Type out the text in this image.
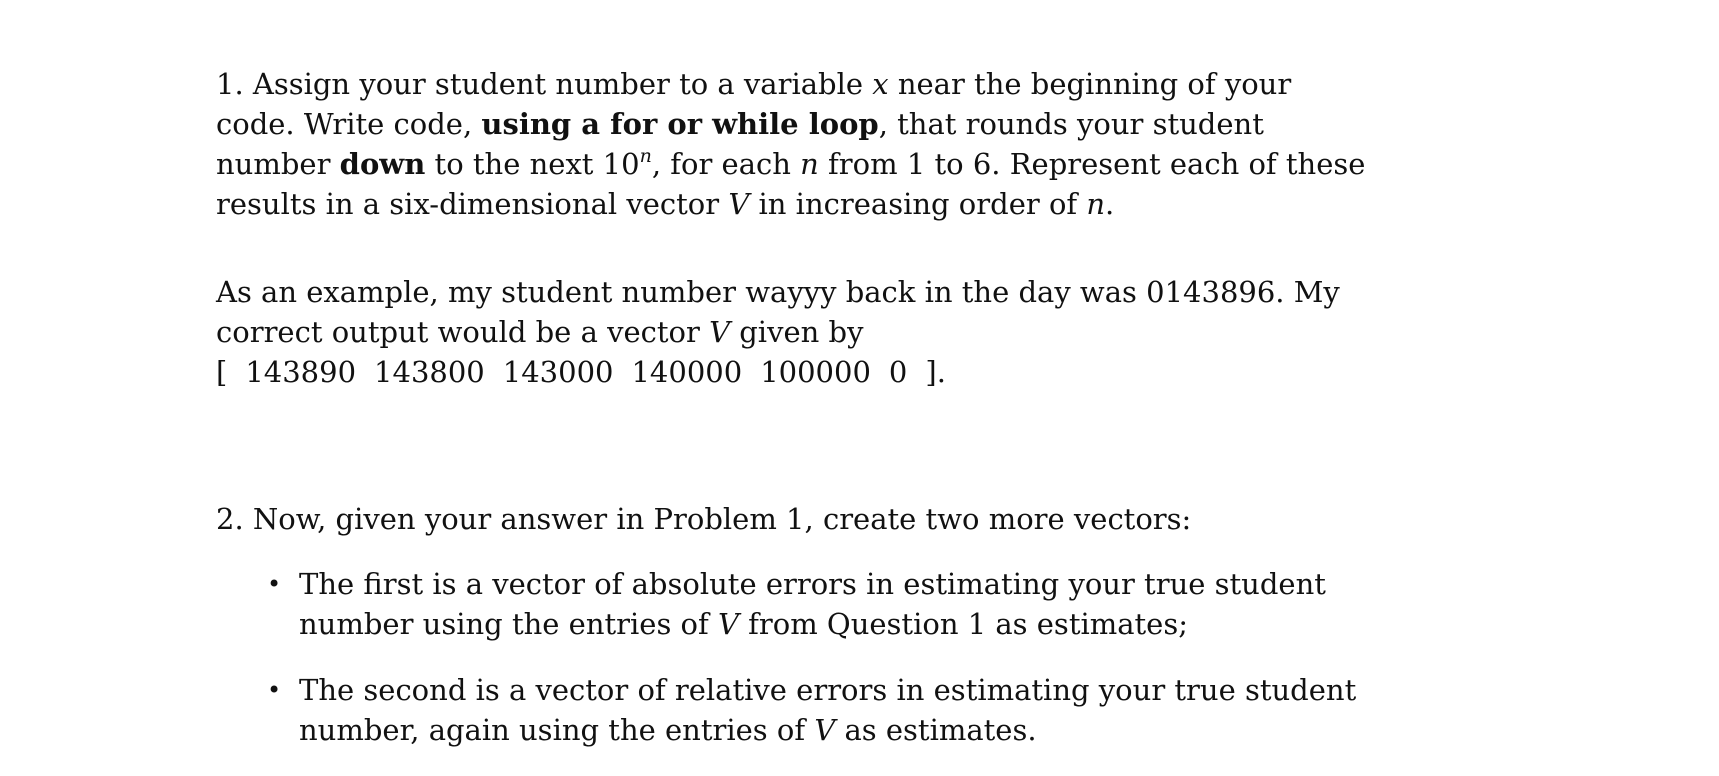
1. Assign your student number to a variable x near the beginning of your
code. Write code, using a for or while loop, that rounds your student
number down to the next 10$^n$, for each n from 1 to 6. Represent each of these
results in a six-dimensional vector V in increasing order of n.
As an example, my student number wayyy back in the day was 0143896. My
correct output would be a vector V given by
[ 143890 143800 143000 140000 100000 0 ].
2. Now, given your answer in Problem 1, create two more vectors:
• The first is a vector of absolute errors in estimating your true student
number using the entries of V from Question 1 as estimates;
• The second is a vector of relative errors in estimating your true student
number, again using the entries of V as estimates.
